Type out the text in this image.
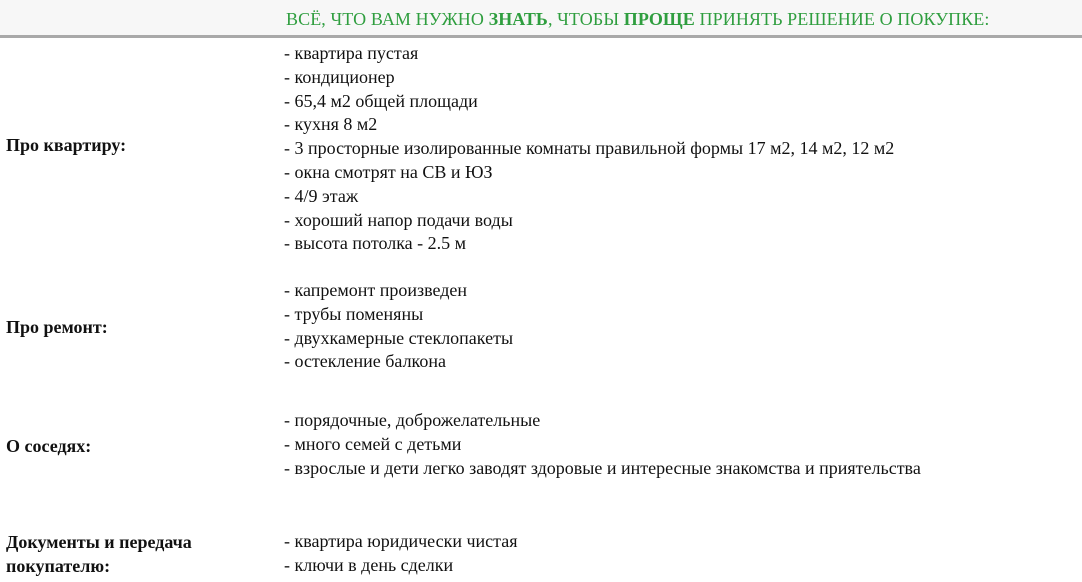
ВСЁ, ЧТО ВАМ НУЖНО ЗНАТЬ, ЧТОБЫ ПРОЩЕ ПРИНЯТЬ РЕШЕНИЕ О ПОКУПКЕ:
Про квартиру:
- квартира пустая
- кондиционер
- 65,4 м2 общей площади
- кухня 8 м2
- 3 просторные изолированные комнаты правильной формы 17 м2, 14 м2, 12 м2
- окна смотрят на СВ и ЮЗ
- 4/9 этаж
- хороший напор подачи воды
- высота потолка - 2.5 м
Про ремонт:
- капремонт произведен
- трубы поменяны
- двухкамерные стеклопакеты
- остекление балкона
О соседях:
- порядочные, доброжелательные
- много семей с детьми
- взрослые и дети легко заводят здоровые и интересные знакомства и приятельства
Документы и передача
покупателю:
- квартира юридически чистая
- ключи в день сделки
